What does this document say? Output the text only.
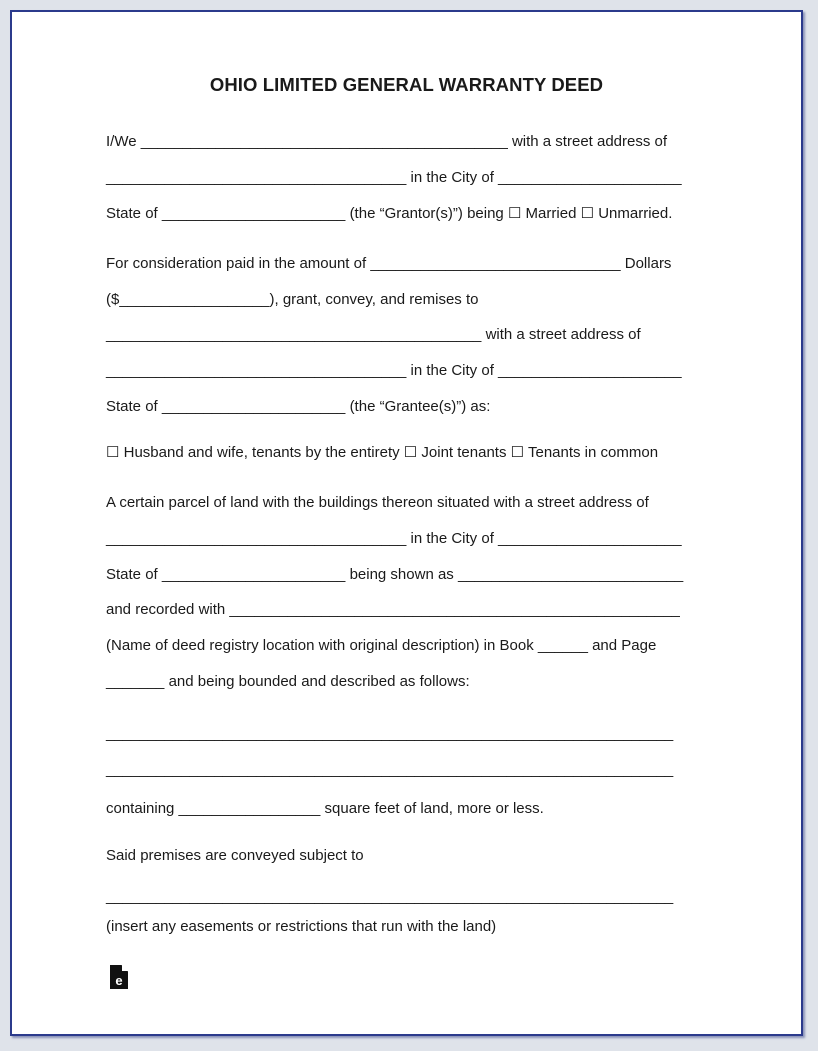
OHIO LIMITED GENERAL WARRANTY DEED
I/We ____________________________________________ with a street address of
____________________________________ in the City of ______________________
State of ______________________ (the “Grantor(s)”) being ☐ Married ☐ Unmarried.
For consideration paid in the amount of ______________________________ Dollars
($__________________), grant, convey, and remises to
_____________________________________________ with a street address of
____________________________________ in the City of ______________________
State of ______________________ (the “Grantee(s)”) as:
☐ Husband and wife, tenants by the entirety ☐ Joint tenants ☐ Tenants in common
A certain parcel of land with the buildings thereon situated with a street address of
____________________________________ in the City of ______________________
State of ______________________ being shown as ___________________________
and recorded with ______________________________________________________
(Name of deed registry location with original description) in Book ______ and Page
_______ and being bounded and described as follows:
____________________________________________________________________
____________________________________________________________________
containing _________________ square feet of land, more or less.
Said premises are conveyed subject to
____________________________________________________________________
(insert any easements or restrictions that run with the land)
e
